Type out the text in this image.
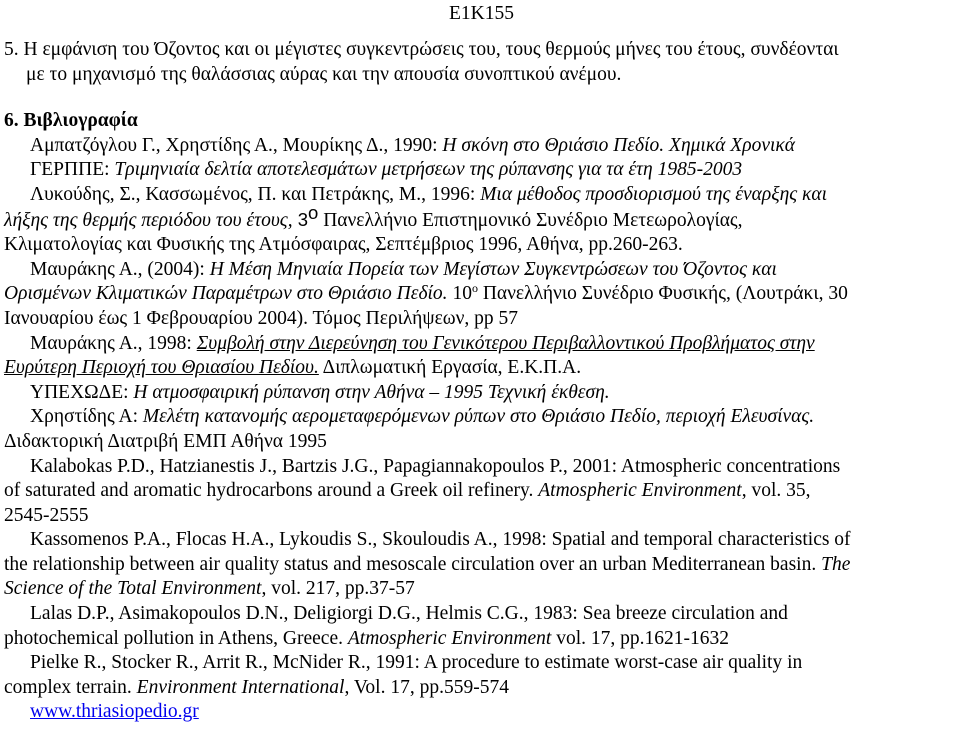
E1K155

5. Η εμφάνιση του Όζοντος και οι μέγιστες συγκεντρώσεις του, τους θερμούς μήνες του έτους, συνδέονται
με το μηχανισμό της θαλάσσιας αύρας και την απουσία συνοπτικού ανέμου.

6. Βιβλιογραφία

Αμπατζόγλου Γ., Χρηστίδης Α., Μουρίκης Δ., 1990: Η σκόνη στο Θριάσιο Πεδίο. Χημικά Χρονικά

ΓΕΡΠΠΕ: Τριμηνιαία δελτία αποτελεσμάτων μετρήσεων της ρύπανσης για τα έτη 1985-2003

Λυκούδης, Σ., Κασσωμένος, Π. και Πετράκης, Μ., 1996: Μια μέθοδος προσδιορισμού της έναρξης και

λήξης της θερμής περιόδου του έτους, $3^o$ Πανελλήνιο Επιστημονικό Συνέδριο Μετεωρολογίας,

Κλιματολογίας και Φυσικής της Ατμόσφαιρας, Σεπτέμβριος 1996, Αθήνα, pp.260-263.

Μαυράκης Α., (2004): Η Μέση Μηνιαία Πορεία των Μεγίστων Συγκεντρώσεων του Όζοντος και

Ορισμένων Κλιματικών Παραμέτρων στο Θριάσιο Πεδίο. $10^o$ Πανελλήνιο Συνέδριο Φυσικής, (Λουτράκι, 30

Ιανουαρίου έως 1 Φεβρουαρίου 2004). Τόμος Περιλήψεων, pp 57

Μαυράκης Α., 1998: Συμβολή στην Διερεύνηση του Γενικότερου Περιβαλλοντικού Προβλήματος στην

Ευρύτερη Περιοχή του Θριασίου Πεδίου. Διπλωματική Εργασία, Ε.Κ.Π.Α.

ΥΠΕΧΩΔΕ: Η ατμοσφαιρική ρύπανση στην Αθήνα – 1995 Τεχνική έκθεση.

Χρηστίδης Α: Μελέτη κατανομής αερομεταφερόμενων ρύπων στο Θριάσιο Πεδίο, περιοχή Ελευσίνας.

Διδακτορική Διατριβή ΕΜΠ Αθήνα 1995

Kalabokas P.D., Hatzianestis J., Bartzis J.G., Papagiannakopoulos P., 2001: Atmospheric concentrations

of saturated and aromatic hydrocarbons around a Greek oil refinery. Atmospheric Environment, vol. 35,

2545-2555

Kassomenos P.A., Flocas H.A., Lykoudis S., Skouloudis A., 1998: Spatial and temporal characteristics of

the relationship between air quality status and mesoscale circulation over an urban Mediterranean basin. The

Science of the Total Environment, vol. 217, pp.37-57

Lalas D.P., Asimakopoulos D.N., Deligiorgi D.G., Helmis C.G., 1983: Sea breeze circulation and

photochemical pollution in Athens, Greece. Atmospheric Environment vol. 17, pp.1621-1632

Pielke R., Stocker R., Arrit R., McNider R., 1991: A procedure to estimate worst-case air quality in

complex terrain. Environment International, Vol. 17, pp.559-574

www.thriasiopedio.gr
